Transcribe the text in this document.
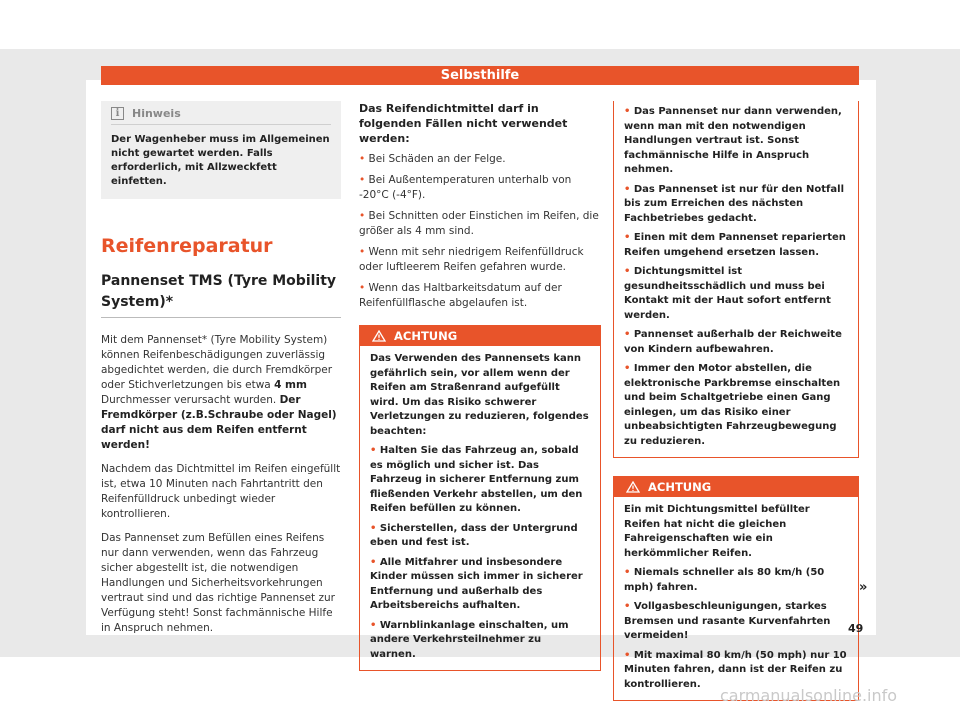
Selbsthilfe
i	Hinweis
Der Wagenheber muss im Allgemeinen nicht gewartet werden. Falls erforderlich, mit Allzweckfett einfetten.
Reifenreparatur
Pannenset TMS (Tyre Mobility System)*
Mit dem Pannenset* (Tyre Mobility System) können Reifenbeschädigungen zuverlässig abgedichtet werden, die durch Fremdkörper oder Stichverletzungen bis etwa 4 mm Durchmesser verursacht wurden. Der Fremdkörper (z.B.Schraube oder Nagel) darf nicht aus dem Reifen entfernt werden!
Nachdem das Dichtmittel im Reifen eingefüllt ist, etwa 10 Minuten nach Fahrtantritt den Reifenfülldruck unbedingt wieder kontrollieren.
Das Pannenset zum Befüllen eines Reifens nur dann verwenden, wenn das Fahrzeug sicher abgestellt ist, die notwendigen Handlungen und Sicherheitsvorkehrungen vertraut sind und das richtige Pannenset zur Verfügung steht! Sonst fachmännische Hilfe in Anspruch nehmen.
Das Reifendichtmittel darf in folgenden Fällen nicht verwendet werden:
• Bei Schäden an der Felge.
• Bei Außentemperaturen unterhalb von -20°C (-4°F).
• Bei Schnitten oder Einstichen im Reifen, die größer als 4 mm sind.
• Wenn mit sehr niedrigem Reifenfülldruck oder luftleerem Reifen gefahren wurde.
• Wenn das Haltbarkeitsdatum auf der Reifenfüllflasche abgelaufen ist.
ACHTUNG
Das Verwenden des Pannensets kann gefährlich sein, vor allem wenn der Reifen am Straßenrand aufgefüllt wird. Um das Risiko schwerer Verletzungen zu reduzieren, folgendes beachten:
• Halten Sie das Fahrzeug an, sobald es möglich und sicher ist. Das Fahrzeug in sicherer Entfernung zum fließenden Verkehr abstellen, um den Reifen befüllen zu können.
• Sicherstellen, dass der Untergrund eben und fest ist.
• Alle Mitfahrer und insbesondere Kinder müssen sich immer in sicherer Entfernung und außerhalb des Arbeitsbereichs aufhalten.
• Warnblinkanlage einschalten, um andere Verkehrsteilnehmer zu warnen.
• Das Pannenset nur dann verwenden, wenn man mit den notwendigen Handlungen vertraut ist. Sonst fachmännische Hilfe in Anspruch nehmen.
• Das Pannenset ist nur für den Notfall bis zum Erreichen des nächsten Fachbetriebes gedacht.
• Einen mit dem Pannenset reparierten Reifen umgehend ersetzen lassen.
• Dichtungsmittel ist gesundheitsschädlich und muss bei Kontakt mit der Haut sofort entfernt werden.
• Pannenset außerhalb der Reichweite von Kindern aufbewahren.
• Immer den Motor abstellen, die elektronische Parkbremse einschalten und beim Schaltgetriebe einen Gang einlegen, um das Risiko einer unbeabsichtigten Fahrzeugbewegung zu reduzieren.
ACHTUNG
Ein mit Dichtungsmittel befüllter Reifen hat nicht die gleichen Fahreigenschaften wie ein herkömmlicher Reifen.
• Niemals schneller als 80 km/h (50 mph) fahren.
• Vollgasbeschleunigungen, starkes Bremsen und rasante Kurvenfahrten vermeiden!
• Mit maximal 80 km/h (50 mph) nur 10 Minuten fahren, dann ist der Reifen zu kontrollieren.
»
49
carmanualsonline.info
